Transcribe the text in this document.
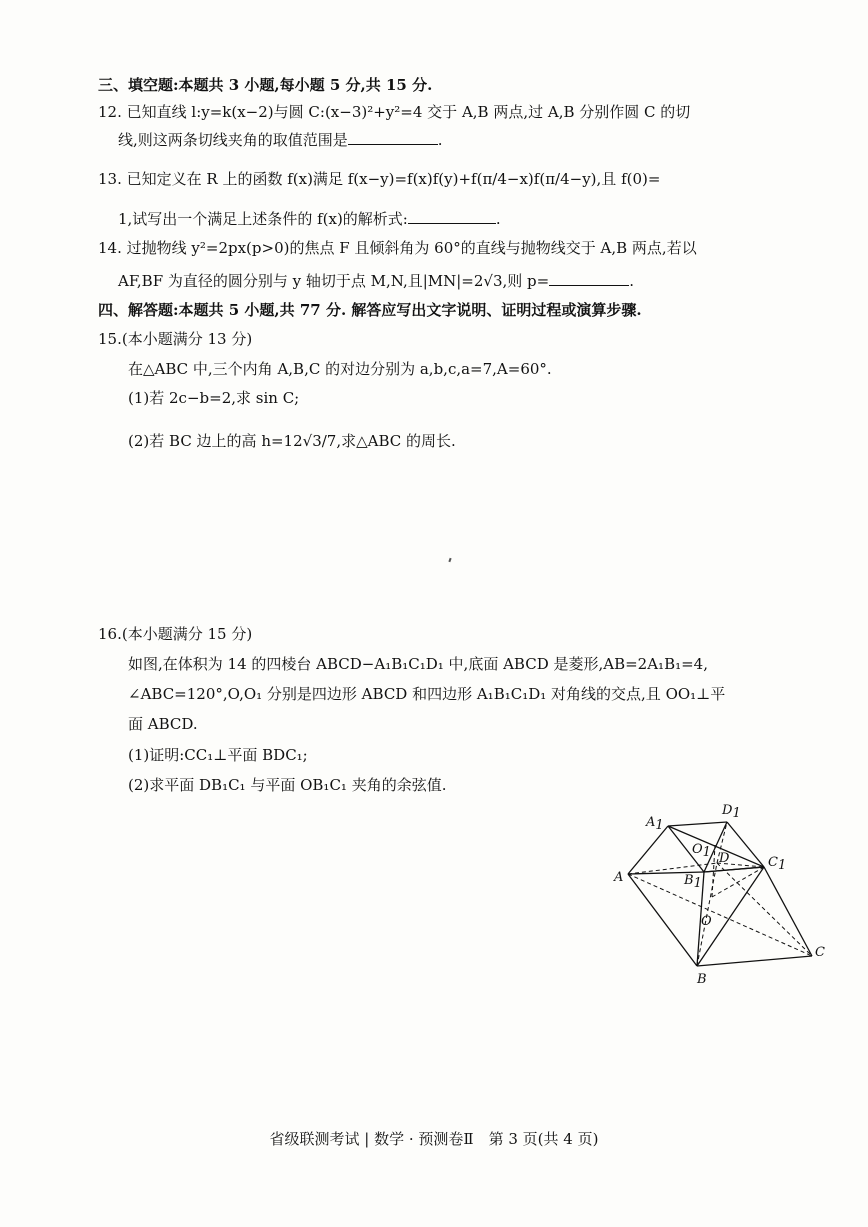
三、填空题:本题共 3 小题,每小题 5 分,共 15 分.
12. 已知直线 l:y=k(x−2)与圆 C:(x−3)²+y²=4 交于 A,B 两点,过 A,B 分别作圆 C 的切
线,则这两条切线夹角的取值范围是	.
13. 已知定义在 R 上的函数 f(x)满足 f(x−y)=f(x)f(y)+f(π/4−x)f(π/4−y),且 f(0)=
1,试写出一个满足上述条件的 f(x)的解析式:	.
14. 过抛物线 y²=2px(p>0)的焦点 F 且倾斜角为 60°的直线与抛物线交于 A,B 两点,若以
AF,BF 为直径的圆分别与 y 轴切于点 M,N,且|MN|=2√3,则 p=	.
四、解答题:本题共 5 小题,共 77 分. 解答应写出文字说明、证明过程或演算步骤.
15.(本小题满分 13 分)
在△ABC 中,三个内角 A,B,C 的对边分别为 a,b,c,a=7,A=60°.
(1)若 2c−b=2,求 sin C;
(2)若 BC 边上的高 h=12√3/7,求△ABC 的周长.
16.(本小题满分 15 分)
如图,在体积为 14 的四棱台 ABCD−A₁B₁C₁D₁ 中,底面 ABCD 是菱形,AB=2A₁B₁=4,
∠ABC=120°,O,O₁ 分别是四边形 ABCD 和四边形 A₁B₁C₁D₁ 对角线的交点,且 OO₁⊥平
面 ABCD.
(1)证明:CC₁⊥平面 BDC₁;
(2)求平面 DB₁C₁ 与平面 OB₁C₁ 夹角的余弦值.
A1
D1
O1 D	C1
A	B1
O
C
B
省级联测考试 | 数学 · 预测卷Ⅱ　第 3 页(共 4 页)
